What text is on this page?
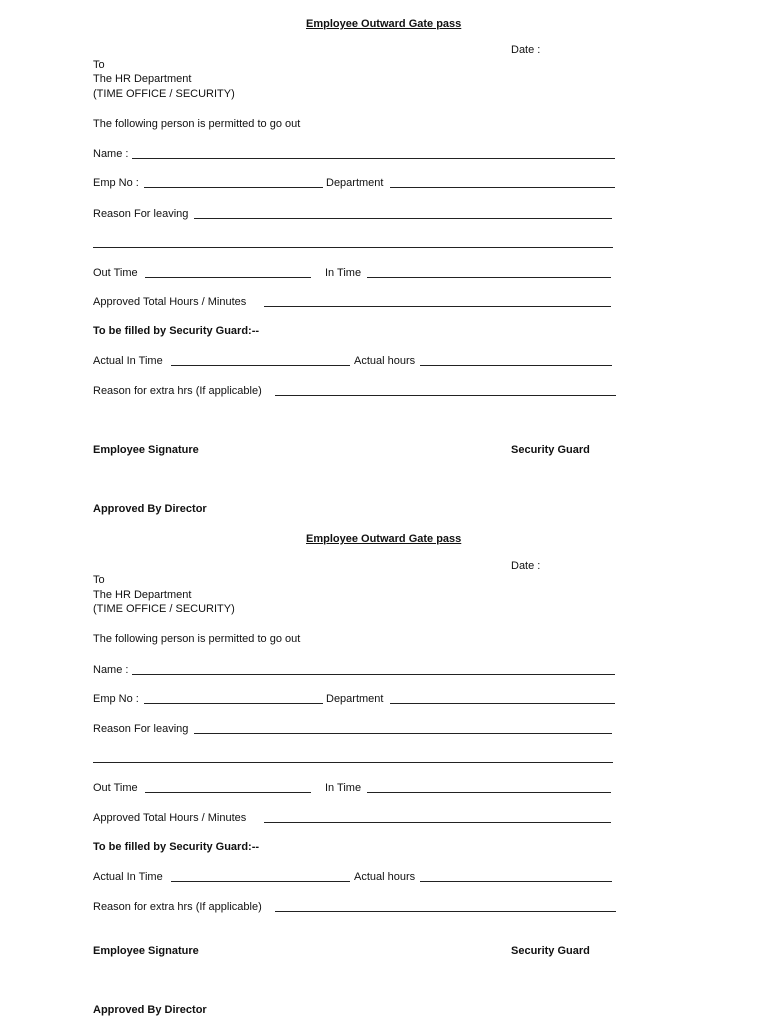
Employee Outward Gate pass
Date :
To
The HR Department
(TIME OFFICE / SECURITY)
The following person is permitted to go out
Name :
Emp No :	Department
Reason For leaving
Out Time	In Time
Approved Total Hours / Minutes
To be filled by Security Guard:--
Actual In Time	Actual hours
Reason for extra hrs (If applicable)
Employee Signature	Security Guard
Approved By Director
Employee Outward Gate pass
Date :
To
The HR Department
(TIME OFFICE / SECURITY)
The following person is permitted to go out
Name :
Emp No :	Department
Reason For leaving
Out Time	In Time
Approved Total Hours / Minutes
To be filled by Security Guard:--
Actual In Time	Actual hours
Reason for extra hrs (If applicable)
Employee Signature	Security Guard
Approved By Director
